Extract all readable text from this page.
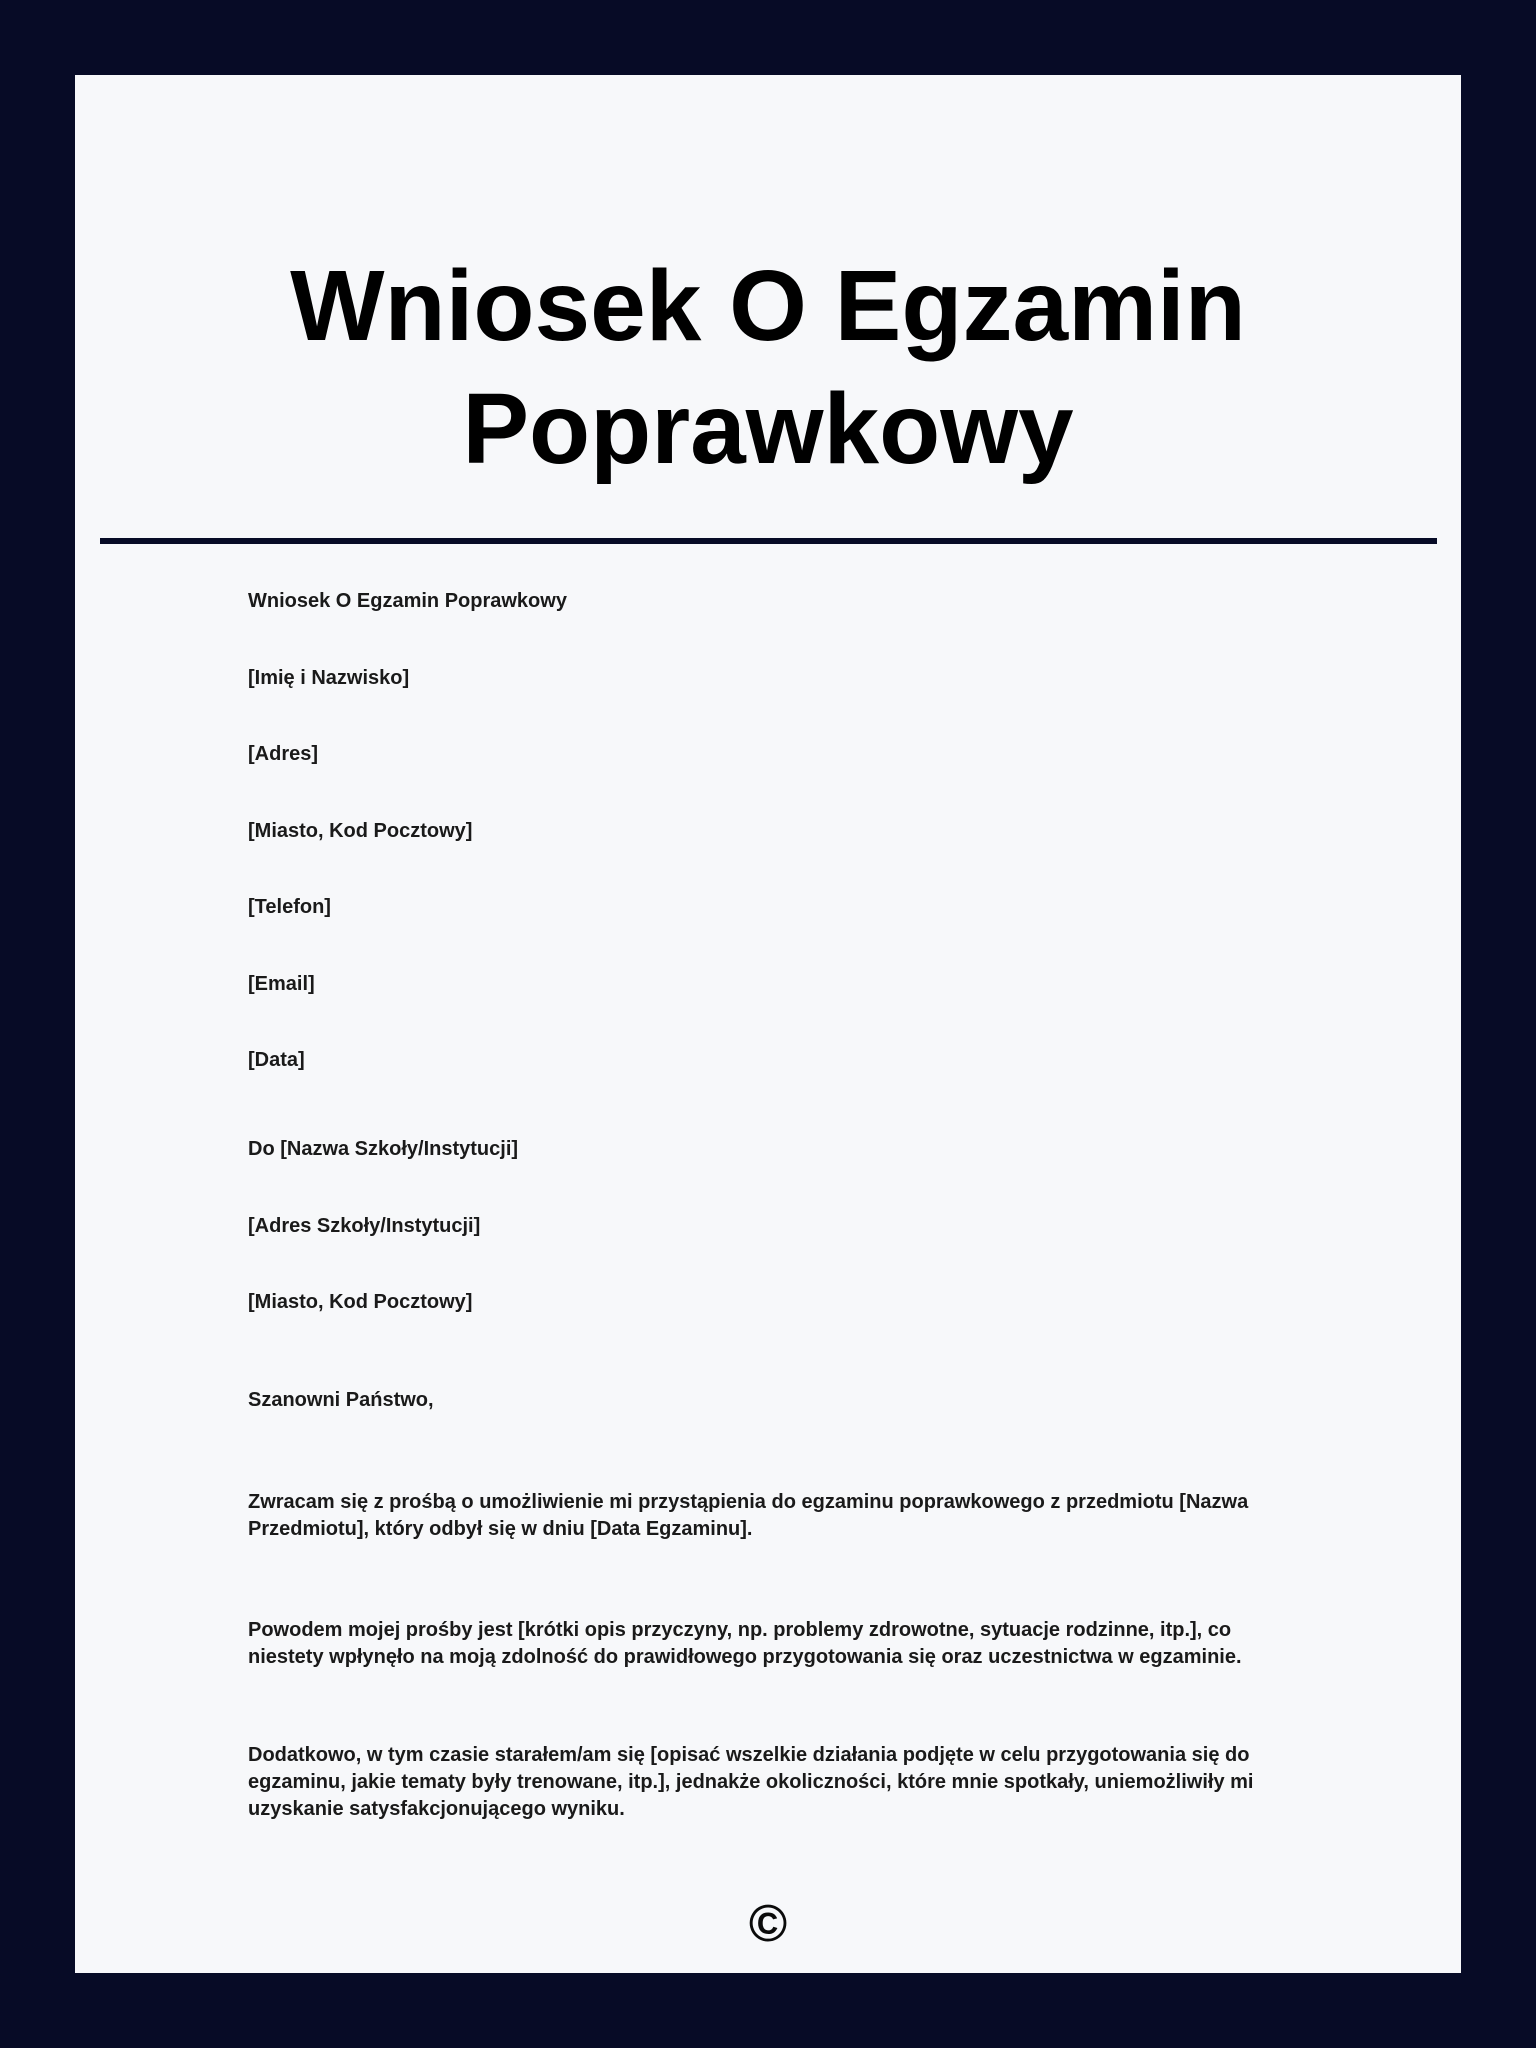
Wniosek O Egzamin Poprawkowy

Wniosek O Egzamin Poprawkowy

[Imię i Nazwisko]

[Adres]

[Miasto, Kod Pocztowy]

[Telefon]

[Email]

[Data]

Do [Nazwa Szkoły/Instytucji]

[Adres Szkoły/Instytucji]

[Miasto, Kod Pocztowy]

Szanowni Państwo,

Zwracam się z prośbą o umożliwienie mi przystąpienia do egzaminu poprawkowego z przedmiotu [Nazwa Przedmiotu], który odbył się w dniu [Data Egzaminu].

Powodem mojej prośby jest [krótki opis przyczyny, np. problemy zdrowotne, sytuacje rodzinne, itp.], co niestety wpłynęło na moją zdolność do prawidłowego przygotowania się oraz uczestnictwa w egzaminie.

Dodatkowo, w tym czasie starałem/am się [opisać wszelkie działania podjęte w celu przygotowania się do egzaminu, jakie tematy były trenowane, itp.], jednakże okoliczności, które mnie spotkały, uniemożliwiły mi uzyskanie satysfakcjonującego wyniku.

©
